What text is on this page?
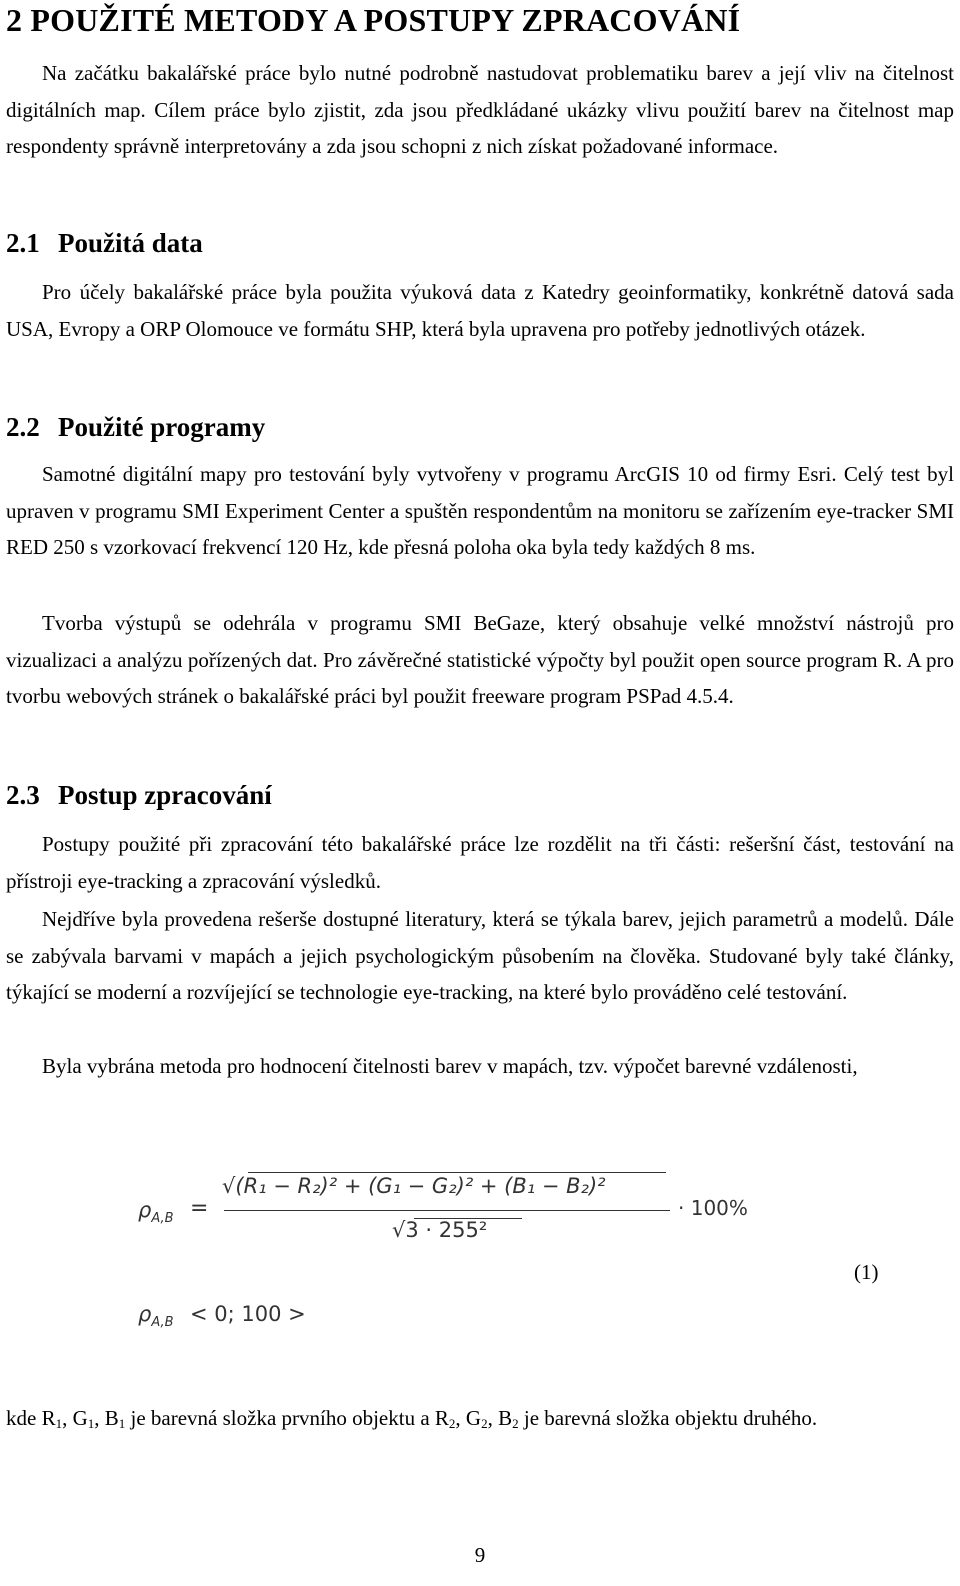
2 POUŽITÉ METODY A POSTUPY ZPRACOVÁNÍ

Na začátku bakalářské práce bylo nutné podrobně nastudovat problematiku barev a její vliv na čitelnost digitálních map. Cílem práce bylo zjistit, zda jsou předkládané ukázky vlivu použití barev na čitelnost map respondenty správně interpretovány a zda jsou schopni z nich získat požadované informace.

2.1 Použitá data

Pro účely bakalářské práce byla použita výuková data z Katedry geoinformatiky, konkrétně datová sada USA, Evropy a ORP Olomouce ve formátu SHP, která byla upravena pro potřeby jednotlivých otázek.

2.2 Použité programy

Samotné digitální mapy pro testování byly vytvořeny v programu ArcGIS 10 od firmy Esri. Celý test byl upraven v programu SMI Experiment Center a spuštěn respondentům na monitoru se zařízením eye-tracker SMI RED 250 s vzorkovací frekvencí 120 Hz, kde přesná poloha oka byla tedy každých 8 ms.

Tvorba výstupů se odehrála v programu SMI BeGaze, který obsahuje velké množství nástrojů pro vizualizaci a analýzu pořízených dat. Pro závěrečné statistické výpočty byl použit open source program R. A pro tvorbu webových stránek o bakalářské práci byl použit freeware program PSPad 4.5.4.

2.3 Postup zpracování

Postupy použité při zpracování této bakalářské práce lze rozdělit na tři části: rešeršní část, testování na přístroji eye-tracking a zpracování výsledků.

Nejdříve byla provedena rešerše dostupné literatury, která se týkala barev, jejich parametrů a modelů. Dále se zabývala barvami v mapách a jejich psychologickým působením na člověka. Studované byly také články, týkající se moderní a rozvíjející se technologie eye-tracking, na které bylo prováděno celé testování.

Byla vybrána metoda pro hodnocení čitelnosti barev v mapách, tzv. výpočet barevné vzdálenosti,

kde $R_1$, $G_1$, $B_1$ je barevná složka prvního objektu a $R_2$, $G_2$, $B_2$ je barevná složka objektu druhého.

(1)
9
$\rho_{A,B}$ =
√(R₁ − R₂)² + (G₁ − G₂)² + (B₁ − B₂)²
√3 · 255²
· 100%
$\rho_{A,B} < 0$; 100 >
